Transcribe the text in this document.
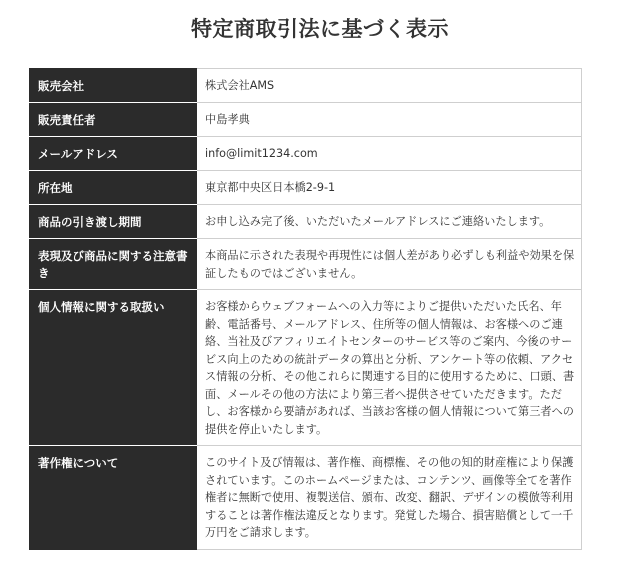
特定商取引法に基づく表示
販売会社	株式会社AMS
販売責任者	中島孝典
メールアドレス	info@limit1234.com
所在地	東京都中央区日本橋2-9-1
商品の引き渡し期間	お申し込み完了後、いただいたメールアドレスにご連絡いたします。
表現及び商品に関する注意書き	本商品に示された表現や再現性には個人差があり必ずしも利益や効果を保証したものではございません。
個人情報に関する取扱い	お客様からウェブフォームへの入力等によりご提供いただいた氏名、年齢、電話番号、メールアドレス、住所等の個人情報は、お客様へのご連絡、当社及びアフィリエイトセンターのサービス等のご案内、今後のサービス向上のための統計データの算出と分析、アンケート等の依頼、アクセス情報の分析、その他これらに関連する目的に使用するために、口頭、書面、メールその他の方法により第三者へ提供させていただきます。ただし、お客様から要請があれば、当該お客様の個人情報について第三者への提供を停止いたします。
著作権について	このサイト及び情報は、著作権、商標権、その他の知的財産権により保護されています。このホームページまたは、コンテンツ、画像等全てを著作権者に無断で使用、複製送信、頒布、改変、翻訳、デザインの模倣等利用することは著作権法違反となります。発覚した場合、損害賠償として一千万円をご請求します。
